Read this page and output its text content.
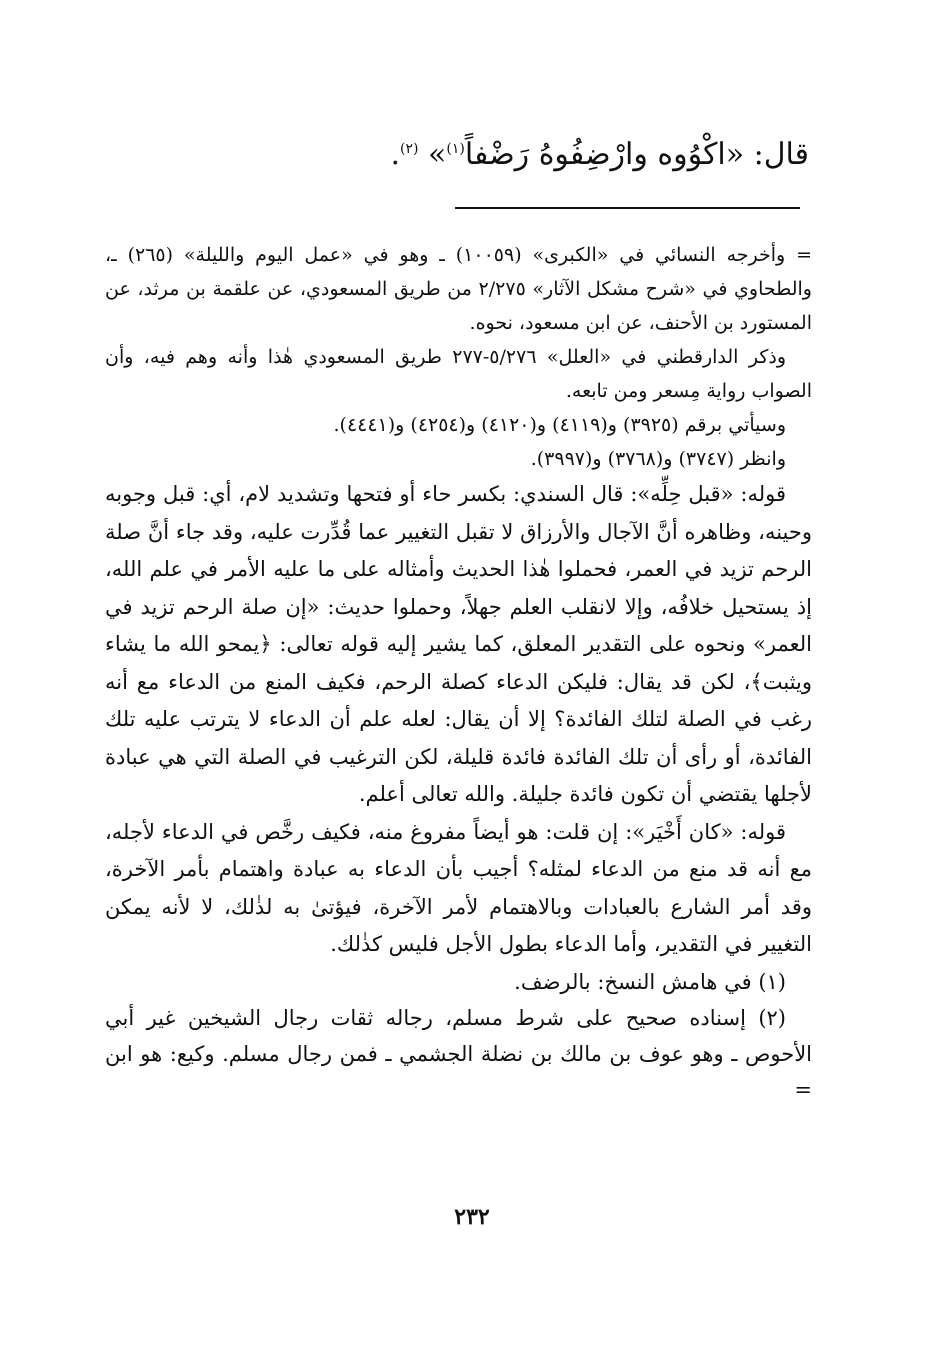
قال: «اكْوُوه وارْضِفُوهُ رَضْفاً$^{(١)}$» $^{(٢)}$.

= وأخرجه النسائي في «الكبرى» (١٠٠٥٩) ـ وهو في «عمل اليوم والليلة» (٢٦٥) ـ، والطحاوي في «شرح مشكل الآثار» ٢/٢٧٥ من طريق المسعودي، عن علقمة بن مرثد، عن المستورد بن الأحنف، عن ابن مسعود، نحوه.

وذكر الدارقطني في «العلل» ٥/٢٧٦-٢٧٧ طريق المسعودي هٰذا وأنه وهم فيه، وأن الصواب رواية مِسعر ومن تابعه.

وسيأتي برقم (٣٩٢٥) و(٤١١٩) و(٤١٢٠) و(٤٢٥٤) و(٤٤٤١).

وانظر (٣٧٤٧) و(٣٧٦٨) و(٣٩٩٧).

قوله: «قبل حِلِّه»: قال السندي: بكسر حاء أو فتحها وتشديد لام، أي: قبل وجوبه وحينه، وظاهره أنَّ الآجال والأرزاق لا تقبل التغيير عما قُدِّرت عليه، وقد جاء أنَّ صلة الرحم تزيد في العمر، فحملوا هٰذا الحديث وأمثاله على ما عليه الأمر في علم الله، إذ يستحيل خلافُه، وإلا لانقلب العلم جهلاً، وحملوا حديث: «إن صلة الرحم تزيد في العمر» ونحوه على التقدير المعلق، كما يشير إليه قوله تعالى: ﴿يمحو الله ما يشاء ويثبت﴾، لكن قد يقال: فليكن الدعاء كصلة الرحم، فكيف المنع من الدعاء مع أنه رغب في الصلة لتلك الفائدة؟ إلا أن يقال: لعله علم أن الدعاء لا يترتب عليه تلك الفائدة، أو رأى أن تلك الفائدة فائدة قليلة، لكن الترغيب في الصلة التي هي عبادة لأجلها يقتضي أن تكون فائدة جليلة. والله تعالى أعلم.

قوله: «كان أَخْيَر»: إن قلت: هو أيضاً مفروغ منه، فكيف رخَّص في الدعاء لأجله، مع أنه قد منع من الدعاء لمثله؟ أجيب بأن الدعاء به عبادة واهتمام بأمر الآخرة، وقد أمر الشارع بالعبادات وبالاهتمام لأمر الآخرة، فيؤتىٰ به لذٰلك، لا لأنه يمكن التغيير في التقدير، وأما الدعاء بطول الأجل فليس كذٰلك.

(١) في هامش النسخ: بالرضف.

(٢) إسناده صحيح على شرط مسلم، رجاله ثقات رجال الشيخين غير أبي الأحوص ـ وهو عوف بن مالك بن نضلة الجشمي ـ فمن رجال مسلم. وكيع: هو ابن =

٢٣٢
